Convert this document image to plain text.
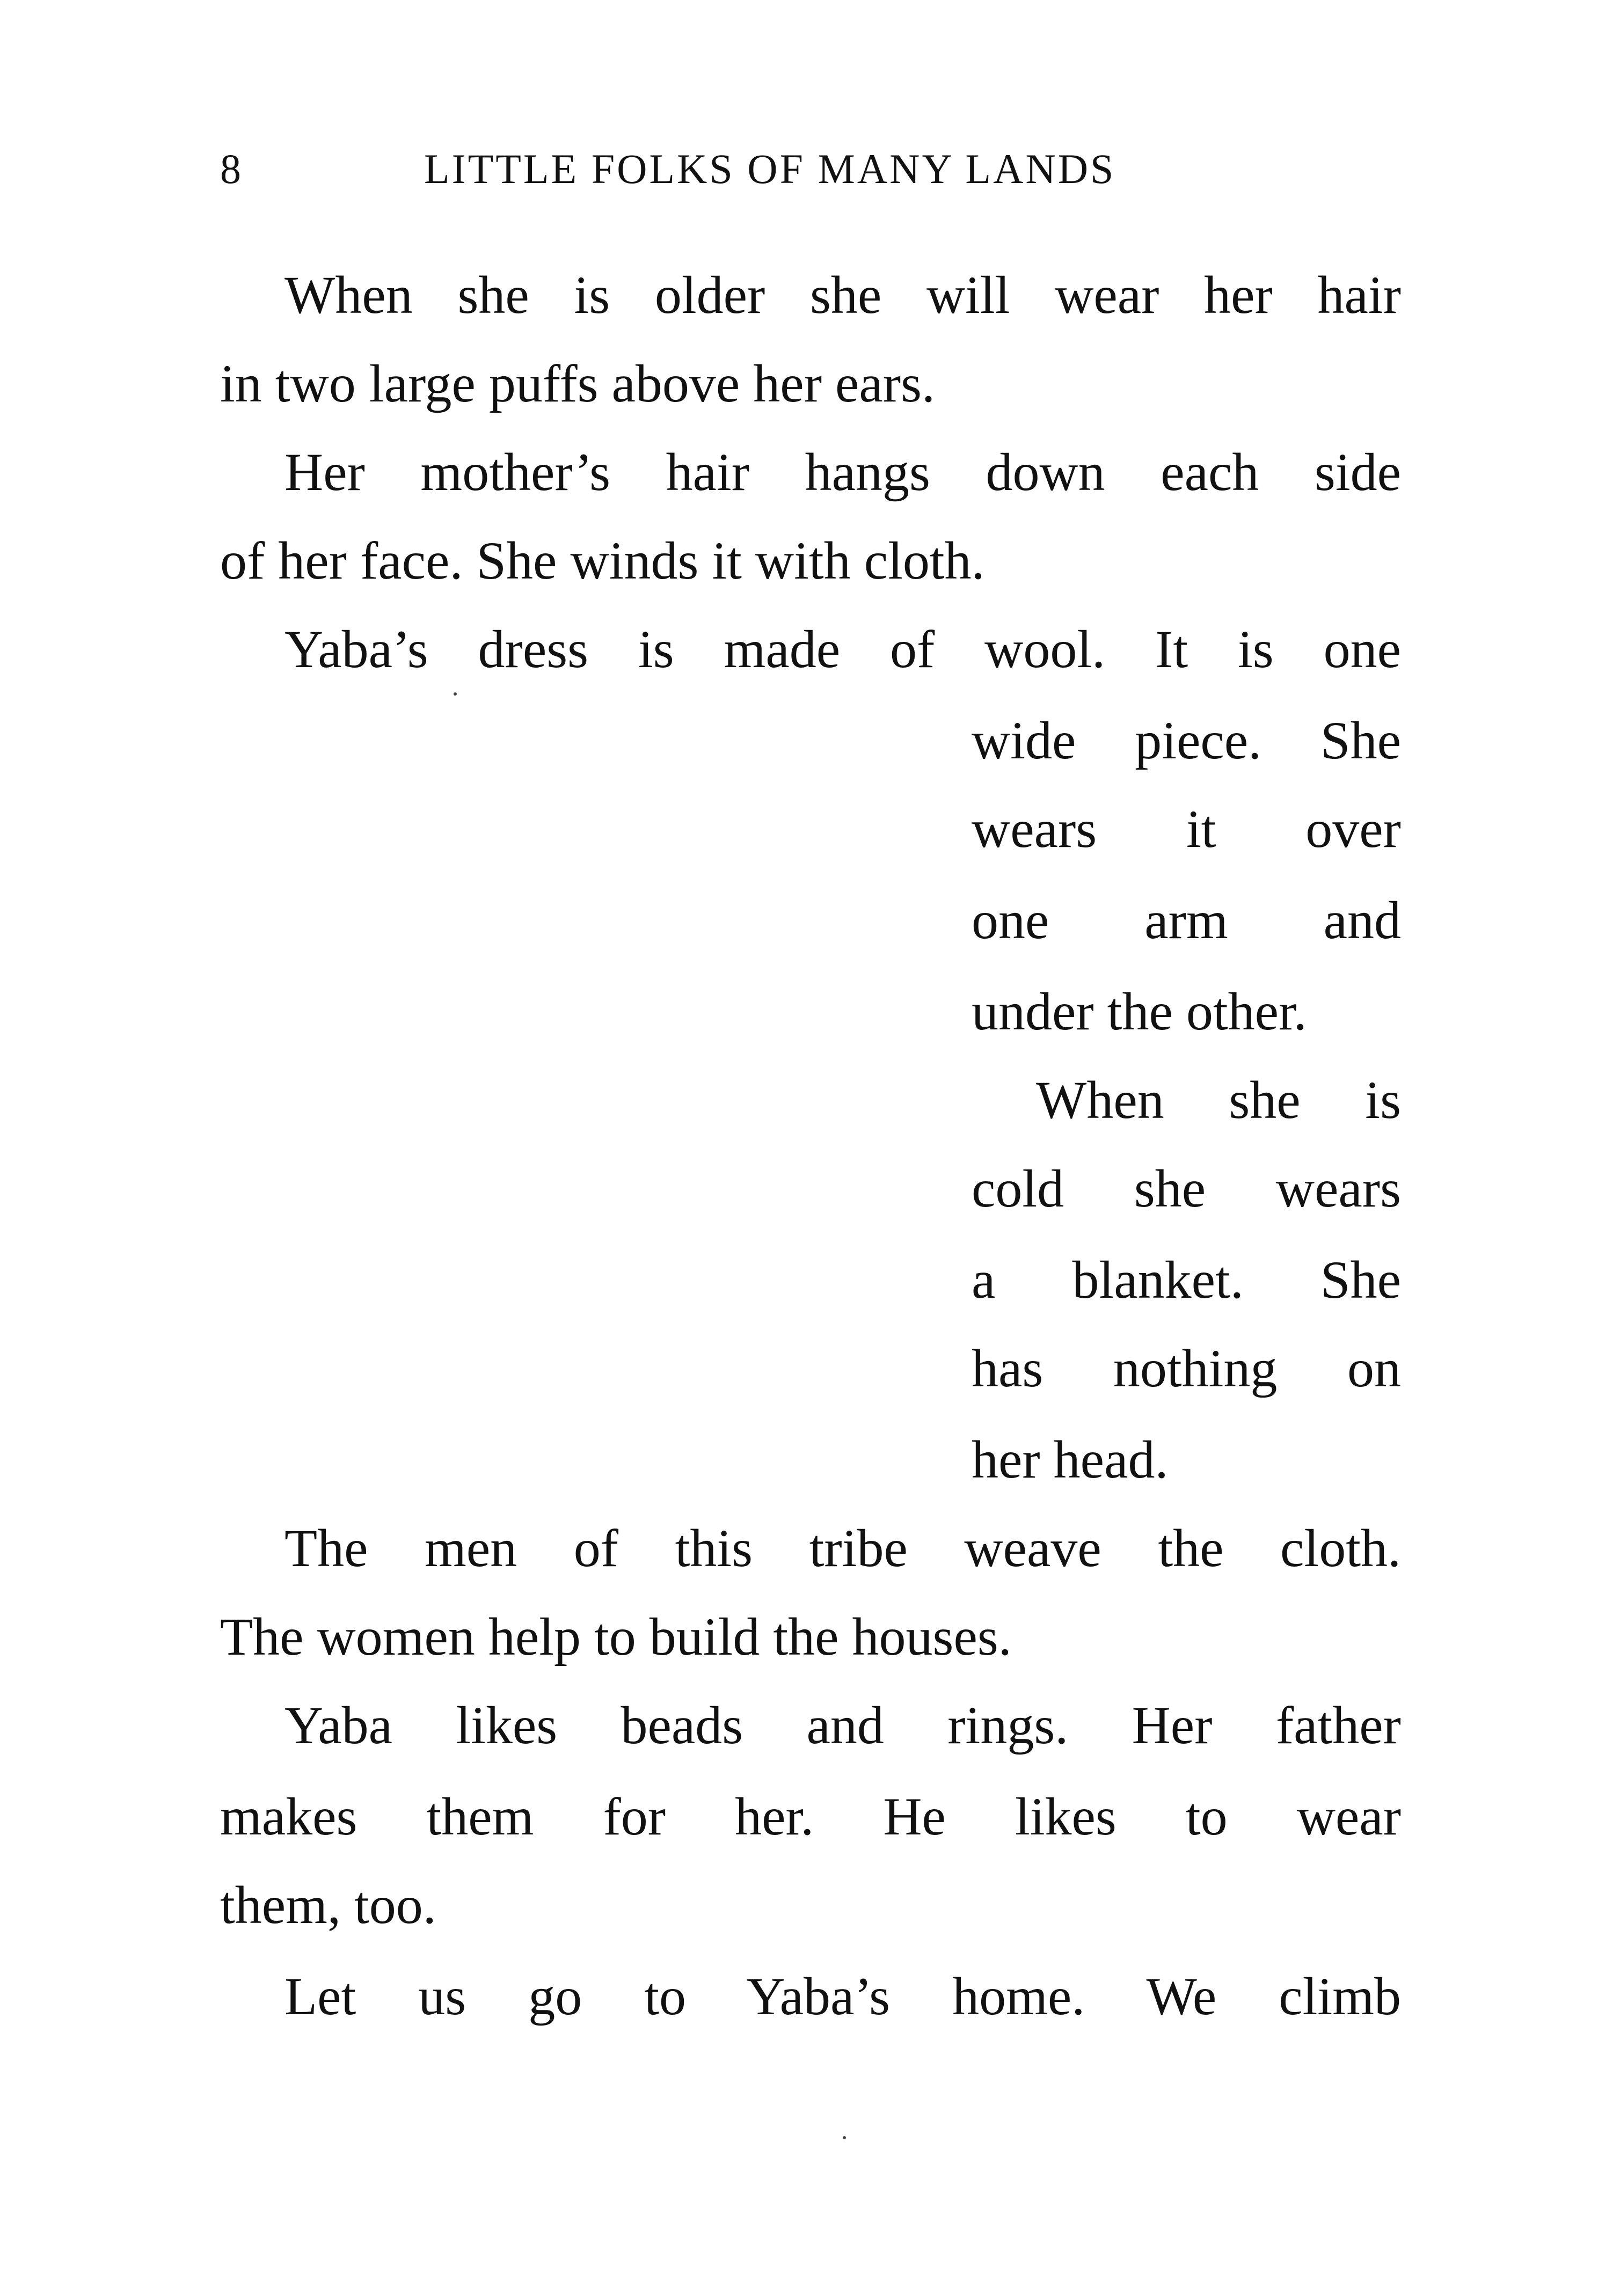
8	LITTLE FOLKS OF MANY LANDS
When she is older she will wear her hair
in two large puffs above her ears.
Her mother’s hair hangs down each side
of her face. She winds it with cloth.
Yaba’s dress is made of wool. It is one
wide piece. She
wears it over
one arm and
under the other.
When she is
cold she wears
a blanket. She
has nothing on
her head.
The men of this tribe weave the cloth.
The women help to build the houses.
Yaba likes beads and rings. Her father
makes them for her. He likes to wear
them, too.
Let us go to Yaba’s home. We climb
